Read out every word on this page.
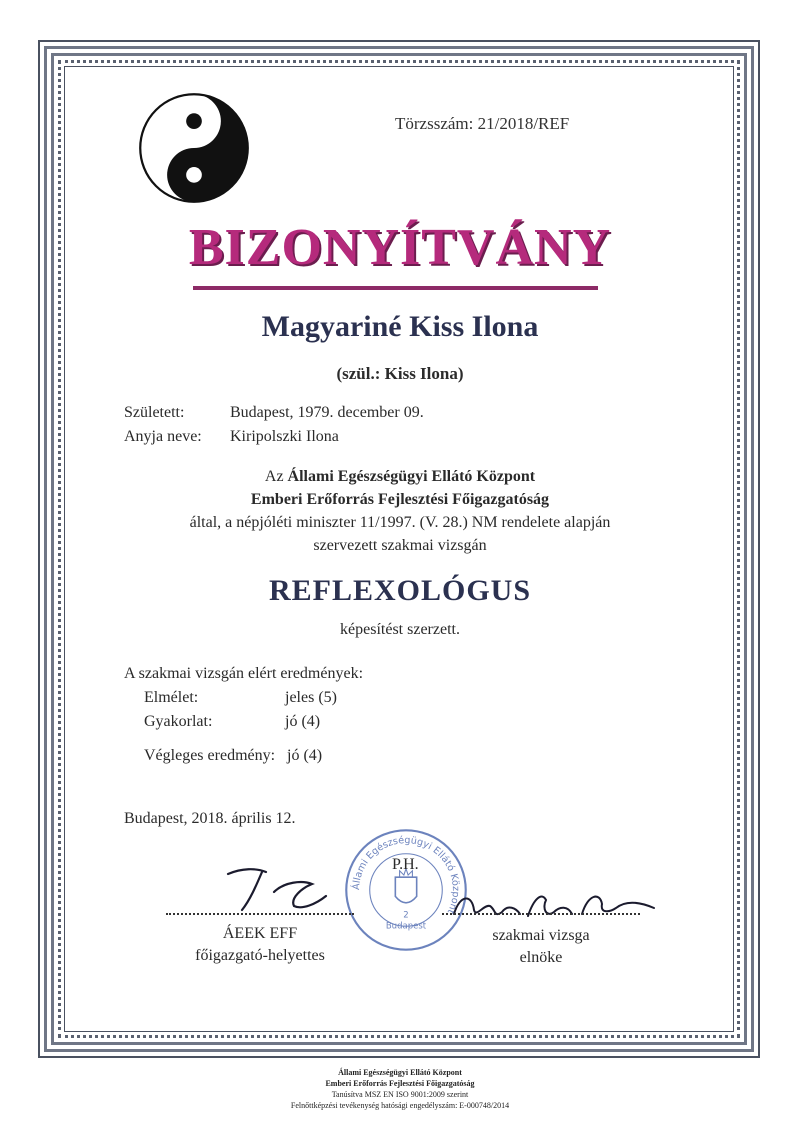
Törzsszám: 21/2018/REF
BIZONYÍTVÁNY
Magyariné Kiss Ilona
(szül.: Kiss Ilona)
Született:	Budapest, 1979. december 09.
Anyja neve: Kiripolszki Ilona
Az Állami Egészségügyi Ellátó Központ
Emberi Erőforrás Fejlesztési Főigazgatóság
által, a népjóléti miniszter 11/1997. (V. 28.) NM rendelete alapján
szervezett szakmai vizsgán
REFLEXOLÓGUS
képesítést szerzett.
A szakmai vizsgán elért eredmények:
Elmélet:	jeles (5)
Gyakorlat:	jó (4)
Végleges eredmény: jó (4)
Budapest, 2018. április 12.
Állami Egészségügyi Ellátó Központ
2
Budapest
P.H.
ÁEEK EFF
főigazgató-helyettes
szakmai vizsga
elnöke
Állami Egészségügyi Ellátó Központ
Emberi Erőforrás Fejlesztési Főigazgatóság
Tanúsítva MSZ EN ISO 9001:2009 szerint
Felnőttképzési tevékenység hatósági engedélyszám: E-000748/2014
